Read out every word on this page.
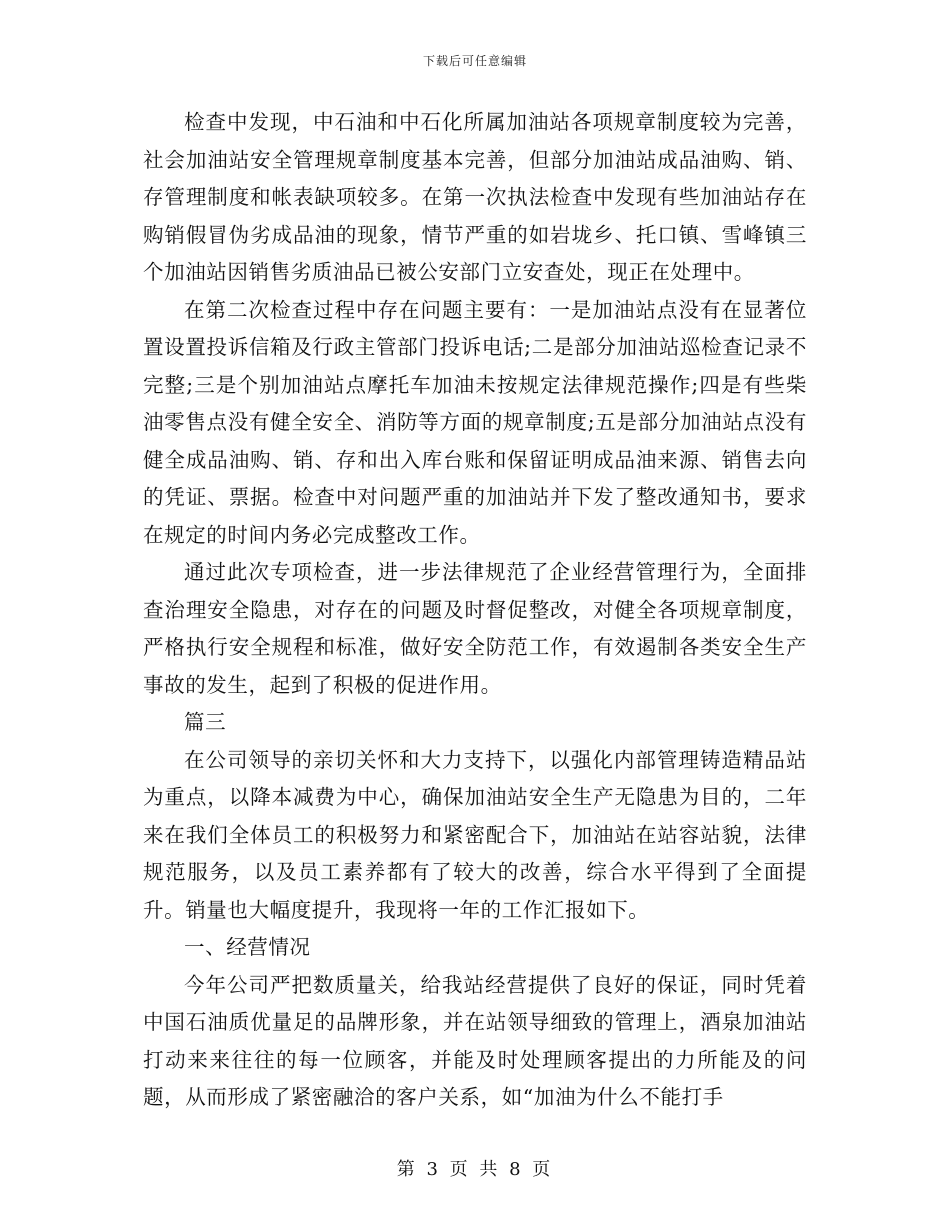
下载后可任意编辑

检查中发现，中石油和中石化所属加油站各项规章制度较为完善，社会加油站安全管理规章制度基本完善，但部分加油站成品油购、销、存管理制度和帐表缺项较多。在第一次执法检查中发现有些加油站存在购销假冒伪劣成品油的现象，情节严重的如岩垅乡、托口镇、雪峰镇三个加油站因销售劣质油品已被公安部门立安查处，现正在处理中。

在第二次检查过程中存在问题主要有：一是加油站点没有在显著位置设置投诉信箱及行政主管部门投诉电话;二是部分加油站巡检查记录不完整;三是个别加油站点摩托车加油未按规定法律规范操作;四是有些柴油零售点没有健全安全、消防等方面的规章制度;五是部分加油站点没有健全成品油购、销、存和出入库台账和保留证明成品油来源、销售去向的凭证、票据。检查中对问题严重的加油站并下发了整改通知书，要求在规定的时间内务必完成整改工作。

通过此次专项检查，进一步法律规范了企业经营管理行为，全面排查治理安全隐患，对存在的问题及时督促整改，对健全各项规章制度，严格执行安全规程和标准，做好安全防范工作，有效遏制各类安全生产事故的发生，起到了积极的促进作用。

篇三

在公司领导的亲切关怀和大力支持下，以强化内部管理铸造精品站为重点，以降本减费为中心，确保加油站安全生产无隐患为目的，二年来在我们全体员工的积极努力和紧密配合下，加油站在站容站貌，法律规范服务，以及员工素养都有了较大的改善，综合水平得到了全面提升。销量也大幅度提升，我现将一年的工作汇报如下。

一、经营情况

今年公司严把数质量关，给我站经营提供了良好的保证，同时凭着中国石油质优量足的品牌形象，并在站领导细致的管理上，酒泉加油站打动来来往往的每一位顾客，并能及时处理顾客提出的力所能及的问题，从而形成了紧密融洽的客户关系，如“加油为什么不能打手

第 3 页 共 8 页
